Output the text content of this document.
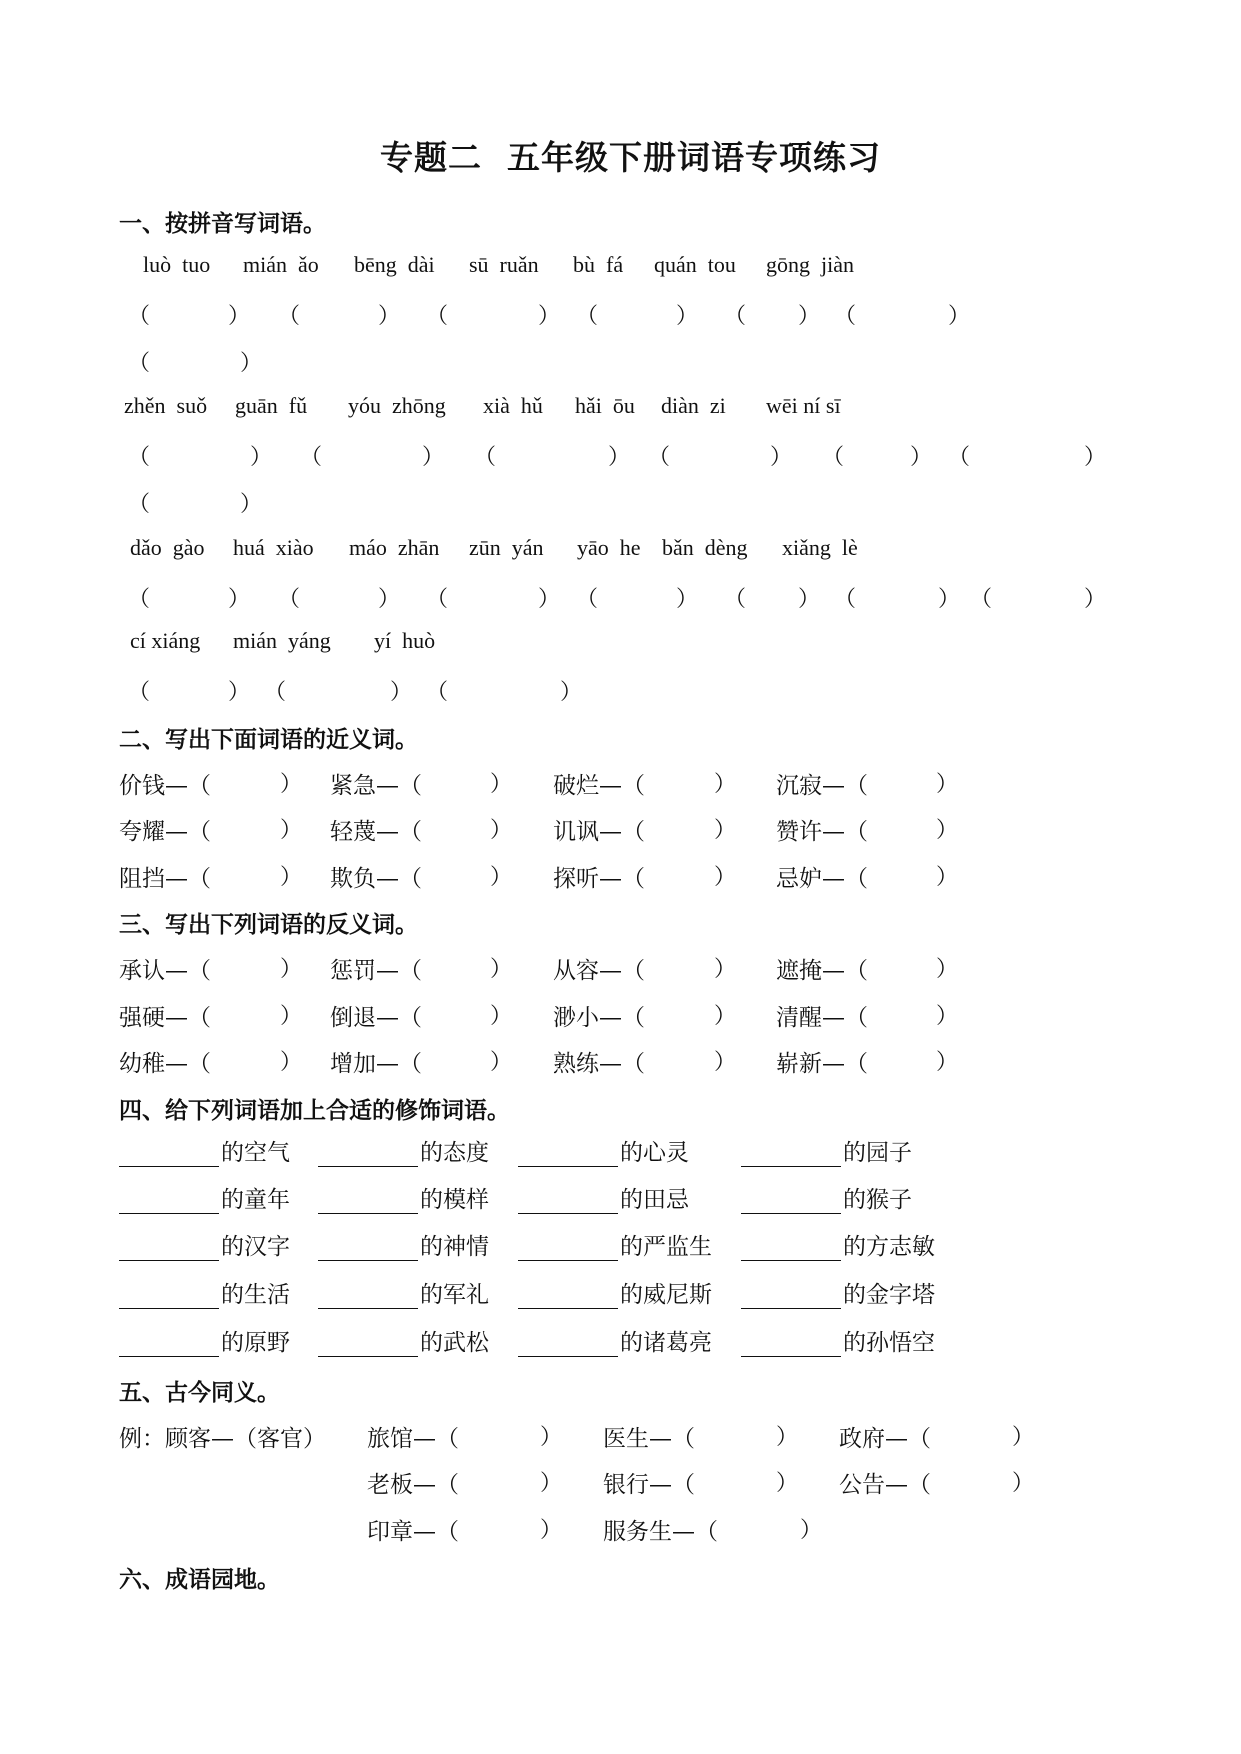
专题二  五年级下册词语专项练习
一、按拼音写词语。
luò  tuo mián  ǎo bēng  dài sū  ruǎn bù  fá quán  tou gōng  jiàn
（	） （	） （	） （	） （ ） （	）
（	）
zhěn  suǒ guān  fǔ yóu  zhōng xià  hǔ hǎi  ōu diàn  zi wēi ní sī
（	） （	） （	） （	） （	） （	）
（	）
dǎo  gào huá  xiào máo  zhān zūn  yán yāo  he bǎn  dèng xiǎng  lè
（	） （	） （	） （	） （ ） （	） （	）
cí xiáng mián  yáng yí  huò
（	） （	） （	）
二、写出下面词语的近义词。
价钱—（	） 紧急—（	） 破烂—（	） 沉寂—（	）
夸耀—（	） 轻蔑—（	） 讥讽—（	） 赞许—（	）
阻挡—（	） 欺负—（	） 探听—（	） 忌妒—（	）
三、写出下列词语的反义词。
承认—（	） 惩罚—（	） 从容—（	） 遮掩—（	）
强硬—（	） 倒退—（	） 渺小—（	） 清醒—（	）
幼稚—（	） 增加—（	） 熟练—（	） 崭新—（	）
四、给下列词语加上合适的修饰词语。
的空气	的态度	的心灵	的园子
的童年	的模样	的田忌	的猴子
的汉字	的神情	的严监生	的方志敏
的生活	的军礼	的威尼斯	的金字塔
的原野	的武松	的诸葛亮	的孙悟空
五、古今同义。
例：顾客—（客官） 旅馆—（	） 医生—（	） 政府—（	）
老板—（	） 银行—（	） 公告—（	）
印章—（	） 服务生—（	）
六、成语园地。
